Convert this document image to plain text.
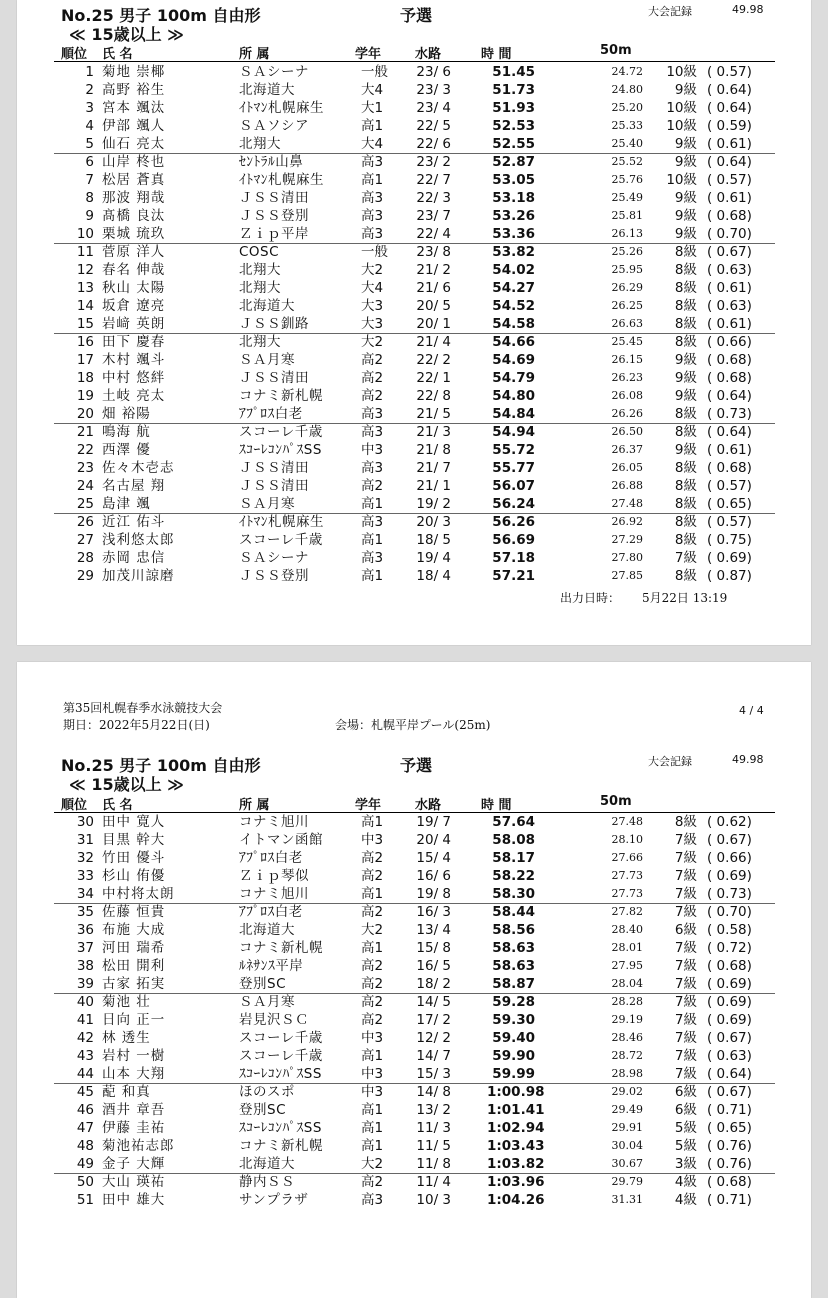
No.25 男子 100m 自由形	予選	大会記録	49.98
≪ 15歳以上 ≫
順位 氏 名	所 属	学年	水路	時 間	50m
1 菊地 崇椰	ＳＡシーナ	一般	23/ 6	51.45	24.72	10級 ( 0.57)
2 高野 裕生	北海道大	大4	23/ 3	51.73	24.80	9級 ( 0.64)
3 宮本 颯汰	ｲﾄﾏﾝ札幌麻生	大1	23/ 4	51.93	25.20	10級 ( 0.64)
4 伊部 颯人	ＳＡソシア	高1	22/ 5	52.53	25.33	10級 ( 0.59)
5 仙石 亮太	北翔大	大4	22/ 6	52.55	25.40	9級 ( 0.61)
6 山岸 柊也	ｾﾝﾄﾗﾙ山鼻	高3	23/ 2	52.87	25.52	9級 ( 0.64)
7 松居 蒼真	ｲﾄﾏﾝ札幌麻生	高1	22/ 7	53.05	25.76	10級 ( 0.57)
8 那波 翔哉	ＪＳＳ清田	高3	22/ 3	53.18	25.49	9級 ( 0.61)
9 髙橋 良汰	ＪＳＳ登別	高3	23/ 7	53.26	25.81	9級 ( 0.68)
10 栗城 琉玖	Ｚｉｐ平岸	高3	22/ 4	53.36	26.13	9級 ( 0.70)
11 菅原 洋人	COSC	一般	23/ 8	53.82	25.26	8級 ( 0.67)
12 春名 伸哉	北翔大	大2	21/ 2	54.02	25.95	8級 ( 0.63)
13 秋山 太陽	北翔大	大4	21/ 6	54.27	26.29	8級 ( 0.61)
14 坂倉 遼亮	北海道大	大3	20/ 5	54.52	26.25	8級 ( 0.63)
15 岩﨑 英朗	ＪＳＳ釧路	大3	20/ 1	54.58	26.63	8級 ( 0.61)
16 田下 慶春	北翔大	大2	21/ 4	54.66	25.45	8級 ( 0.66)
17 木村 颯斗	ＳＡ月寒	高2	22/ 2	54.69	26.15	9級 ( 0.68)
18 中村 悠絆	ＪＳＳ清田	高2	22/ 1	54.79	26.23	9級 ( 0.68)
19 土岐 亮太	コナミ新札幌	高2	22/ 8	54.80	26.08	9級 ( 0.64)
20 畑 裕陽	ｱﾌﾟﾛｽ白老	高3	21/ 5	54.84	26.26	8級 ( 0.73)
21 鳴海 航	スコーレ千歳	高3	21/ 3	54.94	26.50	8級 ( 0.64)
22 西澤 優	ｽｺｰﾚｺﾝﾊﾟｽSS	中3	21/ 8	55.72	26.37	9級 ( 0.61)
23 佐々木壱志	ＪＳＳ清田	高3	21/ 7	55.77	26.05	8級 ( 0.68)
24 名古屋 翔	ＪＳＳ清田	高2	21/ 1	56.07	26.88	8級 ( 0.57)
25 島津 颯	ＳＡ月寒	高1	19/ 2	56.24	27.48	8級 ( 0.65)
26 近江 佑斗	ｲﾄﾏﾝ札幌麻生	高3	20/ 3	56.26	26.92	8級 ( 0.57)
27 浅利悠太郎	スコーレ千歳	高1	18/ 5	56.69	27.29	8級 ( 0.75)
28 赤岡 忠信	ＳＡシーナ	高3	19/ 4	57.18	27.80	7級 ( 0.69)
29 加茂川諒磨	ＪＳＳ登別	高1	18/ 4	57.21	27.85	8級 ( 0.87)
出力日時： 5月22日 13:19
第35回札幌春季水泳競技大会
期日：2022年5月22日(日)	会場：札幌平岸プール(25m)
4 / 4
No.25 男子 100m 自由形	予選	大会記録	49.98
≪ 15歳以上 ≫
順位 氏 名	所 属	学年	水路	時 間	50m
30 田中 寛人	コナミ旭川	高1	19/ 7	57.64	27.48	8級 ( 0.62)
31 目黒 幹大	イトマン函館	中3	20/ 4	58.08	28.10	7級 ( 0.67)
32 竹田 優斗	ｱﾌﾟﾛｽ白老	高2	15/ 4	58.17	27.66	7級 ( 0.66)
33 杉山 侑優	Ｚｉｐ琴似	高2	16/ 6	58.22	27.73	7級 ( 0.69)
34 中村将太朗	コナミ旭川	高1	19/ 8	58.30	27.73	7級 ( 0.73)
35 佐藤 恒貴	ｱﾌﾟﾛｽ白老	高2	16/ 3	58.44	27.82	7級 ( 0.70)
36 布施 大成	北海道大	大2	13/ 4	58.56	28.40	6級 ( 0.58)
37 河田 瑞希	コナミ新札幌	高1	15/ 8	58.63	28.01	7級 ( 0.72)
38 松田 開利	ﾙﾈｻﾝｽ平岸	高2	16/ 5	58.63	27.95	7級 ( 0.68)
39 古家 拓実	登別SC	高2	18/ 2	58.87	28.04	7級 ( 0.69)
40 菊池 壮	ＳＡ月寒	高2	14/ 5	59.28	28.28	7級 ( 0.69)
41 日向 正一	岩見沢ＳＣ	高2	17/ 2	59.30	29.19	7級 ( 0.69)
42 林 透生	スコーレ千歳	中3	12/ 2	59.40	28.46	7級 ( 0.67)
43 岩村 一樹	スコーレ千歳	高1	14/ 7	59.90	28.72	7級 ( 0.63)
44 山本 大翔	ｽｺｰﾚｺﾝﾊﾟｽSS	中3	15/ 3	59.99	28.98	7級 ( 0.64)
45 蓜 和真	ほのスポ	中3	14/ 8	1:00.98	29.02	6級 ( 0.67)
46 酒井 章吾	登別SC	高1	13/ 2	1:01.41	29.49	6級 ( 0.71)
47 伊藤 圭祐	ｽｺｰﾚｺﾝﾊﾟｽSS	高1	11/ 3	1:02.94	29.91	5級 ( 0.65)
48 菊池祐志郎	コナミ新札幌	高1	11/ 5	1:03.43	30.04	5級 ( 0.76)
49 金子 大輝	北海道大	大2	11/ 8	1:03.82	30.67	3級 ( 0.76)
50 大山 瑛祐	静内ＳＳ	高2	11/ 4	1:03.96	29.79	4級 ( 0.68)
51 田中 雄大	サンプラザ	高3	10/ 3	1:04.26	31.31	4級 ( 0.71)
